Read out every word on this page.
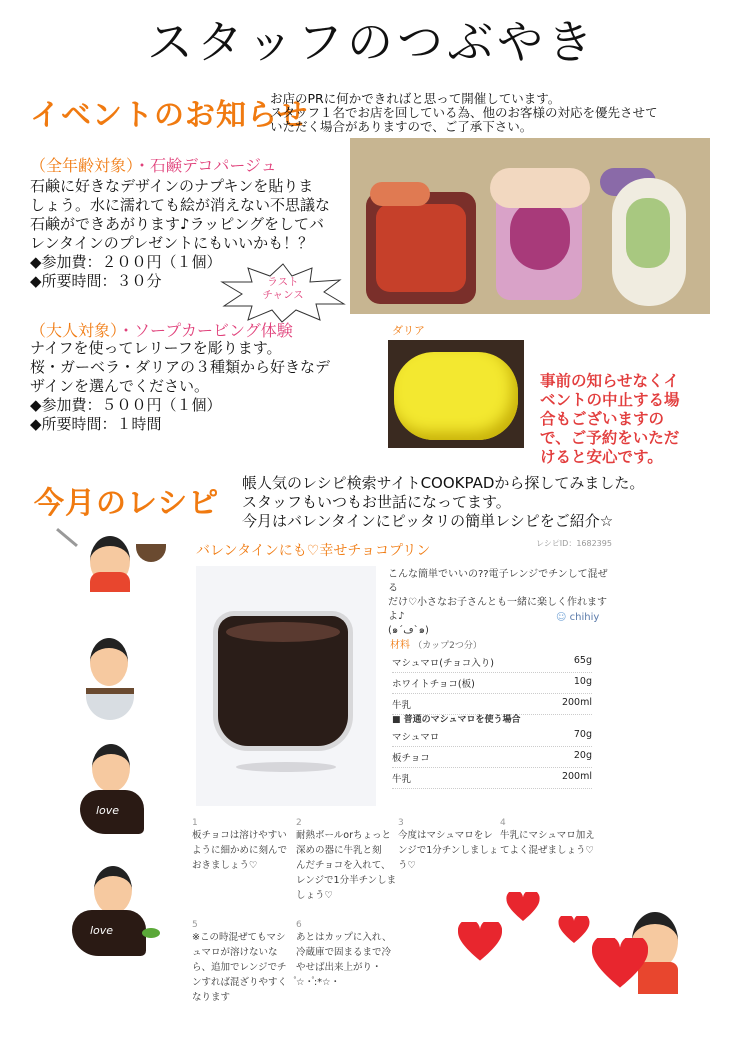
スタッフのつぶやき
イベントのお知らせ
お店のPRに何かできればと思って開催しています。
スタッフ１名でお店を回している為、他のお客様の対応を優先させて
いただく場合がありますので、ご了承下さい。
（全年齢対象）・石鹸デコパージュ
石鹸に好きなデザインのナプキンを貼りま
しょう。水に濡れても絵が消えない不思議な
石鹸ができあがります♪ラッピングをしてバ
レンタインのプレゼントにもいいかも！？
◆参加費：２００円（１個）
◆所要時間：３０分	ラスト
チャンス
（大人対象）・ソープカービング体験
ナイフを使ってレリーフを彫ります。
桜・ガーベラ・ダリアの３種類から好きなデ
ザインを選んでください。
◆参加費：５００円（１個）
◆所要時間：１時間
ダリア
事前の知らせなくイ
ベントの中止する場
合もございますの
で、ご予約をいただ
けると安心です。
今月のレシピ
帳人気のレシピ検索サイトCOOKPADから探してみました。
スタッフもいつもお世話になってます。
今月はバレンタインにピッタリの簡単レシピをご紹介☆
バレンタインにも♡幸せチョコプリン	レシピID：1682395
こんな簡単でいいの??電子レンジでチンして混ぜる
だけ♡小さなお子さんとも一緒に楽しく作れますよ♪
(๑´ڡ`๑)
☺ chihiy
材料 （カップ2つ分）
マシュマロ(チョコ入り)	65g
ホワイトチョコ(板)	10g
牛乳	200ml
■ 普通のマシュマロを使う場合
マシュマロ	70g
板チョコ	20g
牛乳	200ml
1
板チョコは溶けやすい
ように細かめに刻んで
おきましょう♡
2
耐熱ボールorちょっと
深めの器に牛乳と刻
んだチョコを入れて、
レンジで1分半チンしま
しょう♡
3
今度はマシュマロをレ
ンジで1分チンしましょ
う♡
4
牛乳にマシュマロ加え
てよく混ぜましょう♡
5
※この時混ぜてもマシ
ュマロが溶けないな
ら、追加でレンジでチ
ンすれば混ざりやすく
なります
6
あとはカップに入れ、
冷蔵庫で固まるまで冷
やせば出来上がり・
゚☆・゚:*☆・
love
love
